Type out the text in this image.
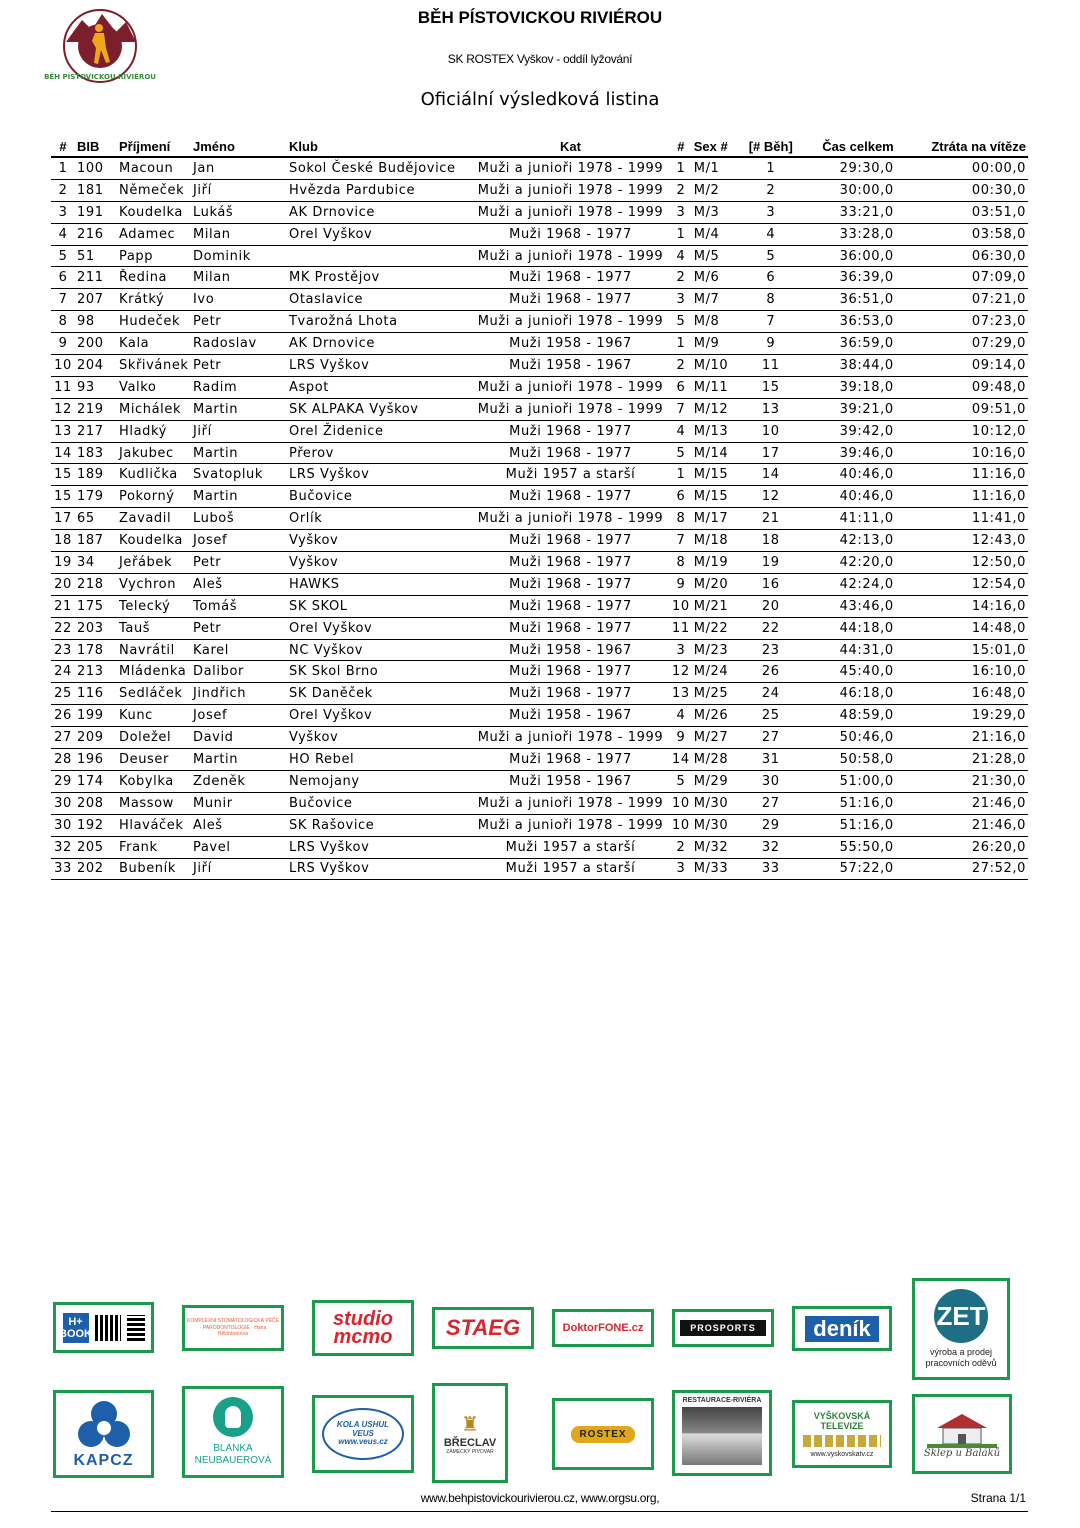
BĚH PÍSTOVICKOU RIVIÉROU
BĚH PÍSTOVICKOU RIVIÉROU
SK ROSTEX Vyškov - oddíl lyžování
Oficiální výsledková listina
#	BIB	Příjmení	Jméno	Klub	Kat	#	Sex #	[# Běh]	Čas celkem	Ztráta na vítěze
1	100	Macoun	Jan	Sokol České Budějovice	Muži a junioři 1978 - 1999	1	M/1	1	29:30,0	00:00,0
2	181	Němeček	Jiří	Hvězda Pardubice	Muži a junioři 1978 - 1999	2	M/2	2	30:00,0	00:30,0
3	191	Koudelka	Lukáš	AK Drnovice	Muži a junioři 1978 - 1999	3	M/3	3	33:21,0	03:51,0
4	216	Adamec	Milan	Orel Vyškov	Muži 1968 - 1977	1	M/4	4	33:28,0	03:58,0
5	51	Papp	Dominik		Muži a junioři 1978 - 1999	4	M/5	5	36:00,0	06:30,0
6	211	Ředina	Milan	MK Prostějov	Muži 1968 - 1977	2	M/6	6	36:39,0	07:09,0
7	207	Krátký	Ivo	Otaslavice	Muži 1968 - 1977	3	M/7	8	36:51,0	07:21,0
8	98	Hudeček	Petr	Tvarožná Lhota	Muži a junioři 1978 - 1999	5	M/8	7	36:53,0	07:23,0
9	200	Kala	Radoslav	AK Drnovice	Muži 1958 - 1967	1	M/9	9	36:59,0	07:29,0
10	204	Skřivánek	Petr	LRS Vyškov	Muži 1958 - 1967	2	M/10	11	38:44,0	09:14,0
11	93	Valko	Radim	Aspot	Muži a junioři 1978 - 1999	6	M/11	15	39:18,0	09:48,0
12	219	Michálek	Martin	SK ALPAKA Vyškov	Muži a junioři 1978 - 1999	7	M/12	13	39:21,0	09:51,0
13	217	Hladký	Jiří	Orel Židenice	Muži 1968 - 1977	4	M/13	10	39:42,0	10:12,0
14	183	Jakubec	Martin	Přerov	Muži 1968 - 1977	5	M/14	17	39:46,0	10:16,0
15	189	Kudlička	Svatopluk	LRS Vyškov	Muži 1957 a starší	1	M/15	14	40:46,0	11:16,0
15	179	Pokorný	Martin	Bučovice	Muži 1968 - 1977	6	M/15	12	40:46,0	11:16,0
17	65	Zavadil	Luboš	Orlík	Muži a junioři 1978 - 1999	8	M/17	21	41:11,0	11:41,0
18	187	Koudelka	Josef	Vyškov	Muži 1968 - 1977	7	M/18	18	42:13,0	12:43,0
19	34	Jeřábek	Petr	Vyškov	Muži 1968 - 1977	8	M/19	19	42:20,0	12:50,0
20	218	Vychron	Aleš	HAWKS	Muži 1968 - 1977	9	M/20	16	42:24,0	12:54,0
21	175	Telecký	Tomáš	SK SKOL	Muži 1968 - 1977	10	M/21	20	43:46,0	14:16,0
22	203	Tauš	Petr	Orel Vyškov	Muži 1968 - 1977	11	M/22	22	44:18,0	14:48,0
23	178	Navrátil	Karel	NC Vyškov	Muži 1958 - 1967	3	M/23	23	44:31,0	15:01,0
24	213	Mládenka	Dalibor	SK Skol Brno	Muži 1968 - 1977	12	M/24	26	45:40,0	16:10,0
25	116	Sedláček	Jindřich	SK Daněček	Muži 1968 - 1977	13	M/25	24	46:18,0	16:48,0
26	199	Kunc	Josef	Orel Vyškov	Muži 1958 - 1967	4	M/26	25	48:59,0	19:29,0
27	209	Doležel	David	Vyškov	Muži a junioři 1978 - 1999	9	M/27	27	50:46,0	21:16,0
28	196	Deuser	Martin	HO Rebel	Muži 1968 - 1977	14	M/28	31	50:58,0	21:28,0
29	174	Kobylka	Zdeněk	Nemojany	Muži 1958 - 1967	5	M/29	30	51:00,0	21:30,0
30	208	Massow	Munir	Bučovice	Muži a junioři 1978 - 1999	10	M/30	27	51:16,0	21:46,0
30	192	Hlaváček	Aleš	SK Rašovice	Muži a junioři 1978 - 1999	10	M/30	29	51:16,0	21:46,0
32	205	Frank	Pavel	LRS Vyškov	Muži 1957 a starší	2	M/32	32	55:50,0	26:20,0
33	202	Bubeník	Jiří	LRS Vyškov	Muži 1957 a starší	3	M/33	33	57:22,0	27:52,0
H+ BOOK
KOMPLEXNÍ STOMATOLOGICKÁ PÉČE · PARODONTOLOGIE · Hana Bělohlávková
studio mcmo	STAEG	DoktorFONE.cz	PROSPORTS	deník	ZET
výroba a prodej pracovních oděvů
KAPCZ
BLANKA NEUBAUEROVÁ
KOLA USHUL VEUS www.veus.cz
♜
BŘECLAV
ZÁMECKÝ PIVOVAR
ROSTEX
RESTAURACE-RIVIÉRA
VYŠKOVSKÁ TELEVIZE
www.vyskovskatv.cz	Sklep u Baláků
www.behpistovickourivierou.cz, www.orgsu.org,	Strana 1/1
